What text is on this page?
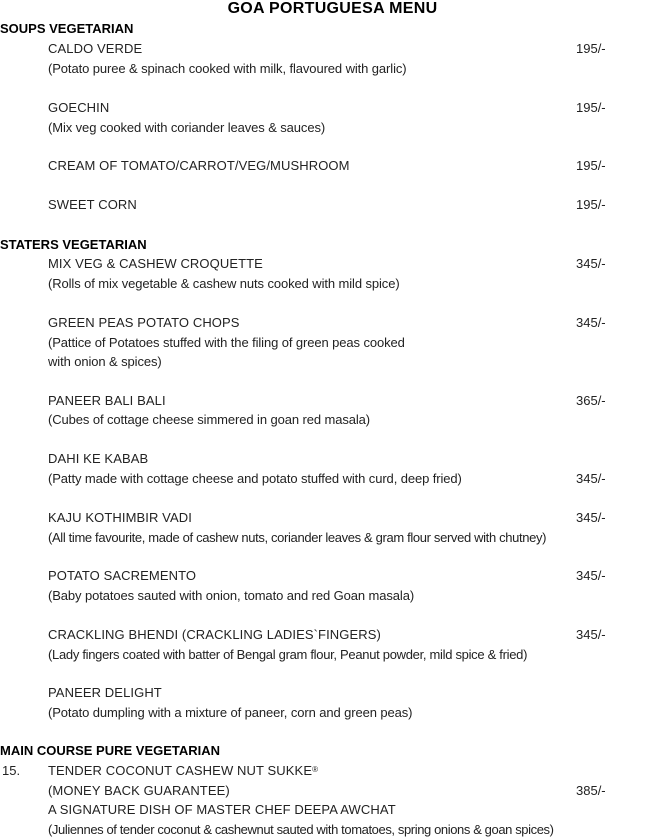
GOA PORTUGUESA MENU
SOUPS VEGETARIAN
CALDO VERDE	195/-
(Potato puree & spinach cooked with milk, flavoured with garlic)
GOECHIN	195/-
(Mix veg cooked with coriander leaves & sauces)
CREAM OF TOMATO/CARROT/VEG/MUSHROOM	195/-
SWEET CORN	195/-
STATERS VEGETARIAN
MIX VEG & CASHEW CROQUETTE	345/-
(Rolls of mix vegetable & cashew nuts cooked with mild spice)
GREEN PEAS POTATO CHOPS	345/-
(Pattice of Potatoes stuffed with the filing of green peas cooked
with onion & spices)
PANEER BALI BALI	365/-
(Cubes of cottage cheese simmered in goan red masala)
DAHI KE KABAB
(Patty made with cottage cheese and potato stuffed with curd, deep fried)	345/-
KAJU KOTHIMBIR VADI	345/-
(All time favourite, made of cashew nuts, coriander leaves & gram flour served with chutney)
POTATO SACREMENTO	345/-
(Baby potatoes sauted with onion, tomato and red Goan masala)
CRACKLING BHENDI (CRACKLING LADIES`FINGERS)	345/-
(Lady fingers coated with batter of Bengal gram flour, Peanut powder, mild spice & fried)
PANEER DELIGHT
(Potato dumpling with a mixture of paneer, corn and green peas)
MAIN COURSE PURE VEGETARIAN
15. TENDER COCONUT CASHEW NUT SUKKE®
(MONEY BACK GUARANTEE)	385/-
A SIGNATURE DISH OF MASTER CHEF DEEPA AWCHAT
(Juliennes of tender coconut & cashewnut sauted with tomatoes, spring onions & goan spices)
